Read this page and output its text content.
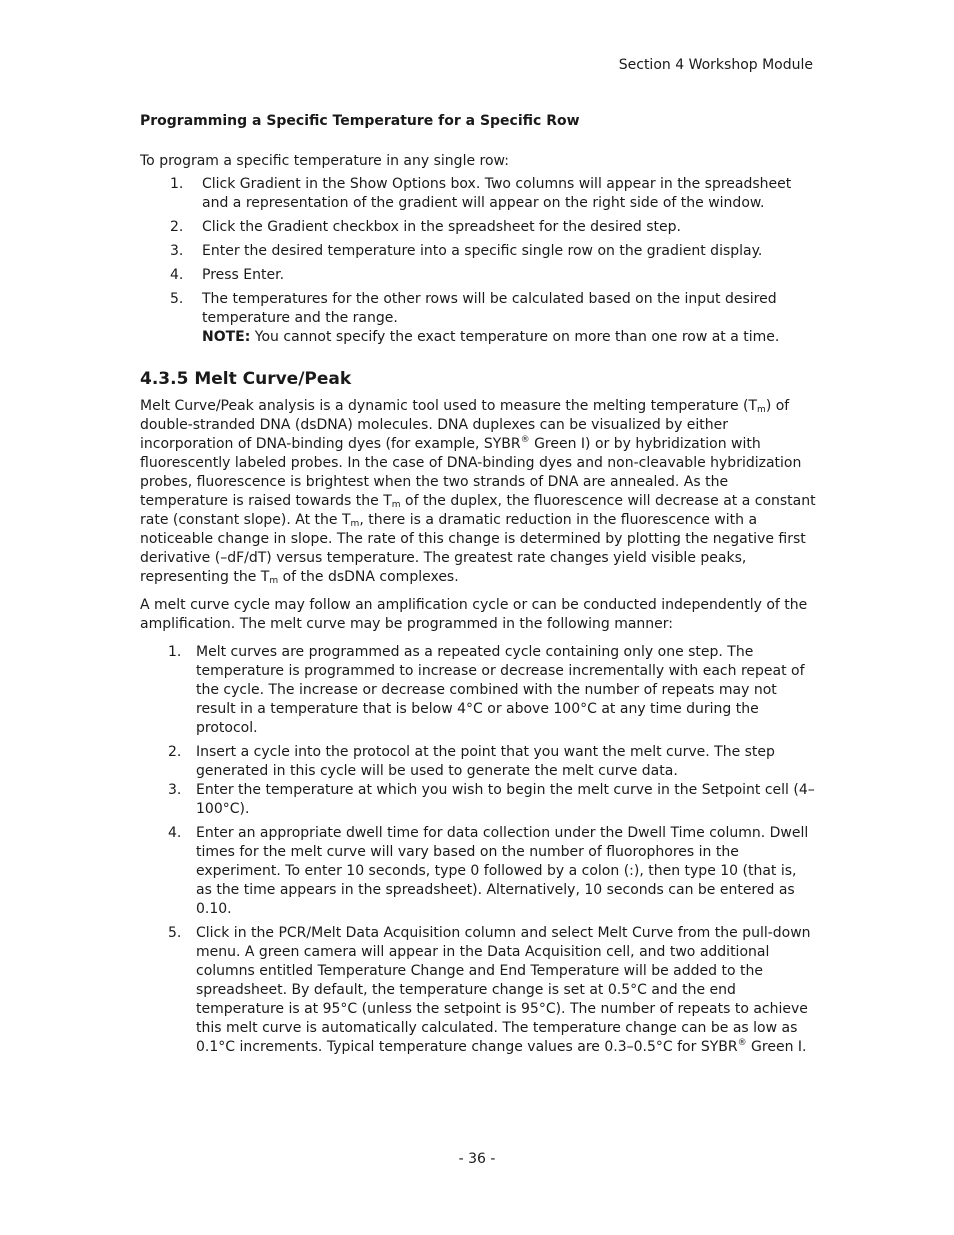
Section 4 Workshop Module
Programming a Specific Temperature for a Specific Row

To program a specific temperature in any single row:

1. Click Gradient in the Show Options box. Two columns will appear in the spreadsheet and a representation of the gradient will appear on the right side of the window.
2. Click the Gradient checkbox in the spreadsheet for the desired step.
3. Enter the desired temperature into a specific single row on the gradient display.
4. Press Enter.
5. The temperatures for the other rows will be calculated based on the input desired temperature and the range.
NOTE: You cannot specify the exact temperature on more than one row at a time.
4.3.5 Melt Curve/Peak

Melt Curve/Peak analysis is a dynamic tool used to measure the melting temperature $(T_m)$ of double-stranded DNA (dsDNA) molecules. DNA duplexes can be visualized by either incorporation of DNA-binding dyes (for example, SYBR® Green I) or by hybridization with fluorescently labeled probes. In the case of DNA-binding dyes and non-cleavable hybridization probes, fluorescence is brightest when the two strands of DNA are annealed. As the temperature is raised towards the $T_m$ of the duplex, the fluorescence will decrease at a constant rate (constant slope). At the $T_m$, there is a dramatic reduction in the fluorescence with a noticeable change in slope. The rate of this change is determined by plotting the negative first derivative (–dF/dT) versus temperature. The greatest rate changes yield visible peaks, representing the $T_m$ of the dsDNA complexes.

A melt curve cycle may follow an amplification cycle or can be conducted independently of the amplification. The melt curve may be programmed in the following manner:

1. Melt curves are programmed as a repeated cycle containing only one step. The temperature is programmed to increase or decrease incrementally with each repeat of the cycle. The increase or decrease combined with the number of repeats may not result in a temperature that is below 4°C or above 100°C at any time during the protocol.
2. Insert a cycle into the protocol at the point that you want the melt curve. The step generated in this cycle will be used to generate the melt curve data.
3. Enter the temperature at which you wish to begin the melt curve in the Setpoint cell (4–100°C).
4. Enter an appropriate dwell time for data collection under the Dwell Time column. Dwell times for the melt curve will vary based on the number of fluorophores in the experiment. To enter 10 seconds, type 0 followed by a colon (:), then type 10 (that is, as the time appears in the spreadsheet). Alternatively, 10 seconds can be entered as 0.10.
5. Click in the PCR/Melt Data Acquisition column and select Melt Curve from the pull-down menu. A green camera will appear in the Data Acquisition cell, and two additional columns entitled Temperature Change and End Temperature will be added to the spreadsheet. By default, the temperature change is set at 0.5°C and the end temperature is at 95°C (unless the setpoint is 95°C). The number of repeats to achieve this melt curve is automatically calculated. The temperature change can be as low as 0.1°C increments. Typical temperature change values are 0.3–0.5°C for SYBR® Green I.
- 36 -
